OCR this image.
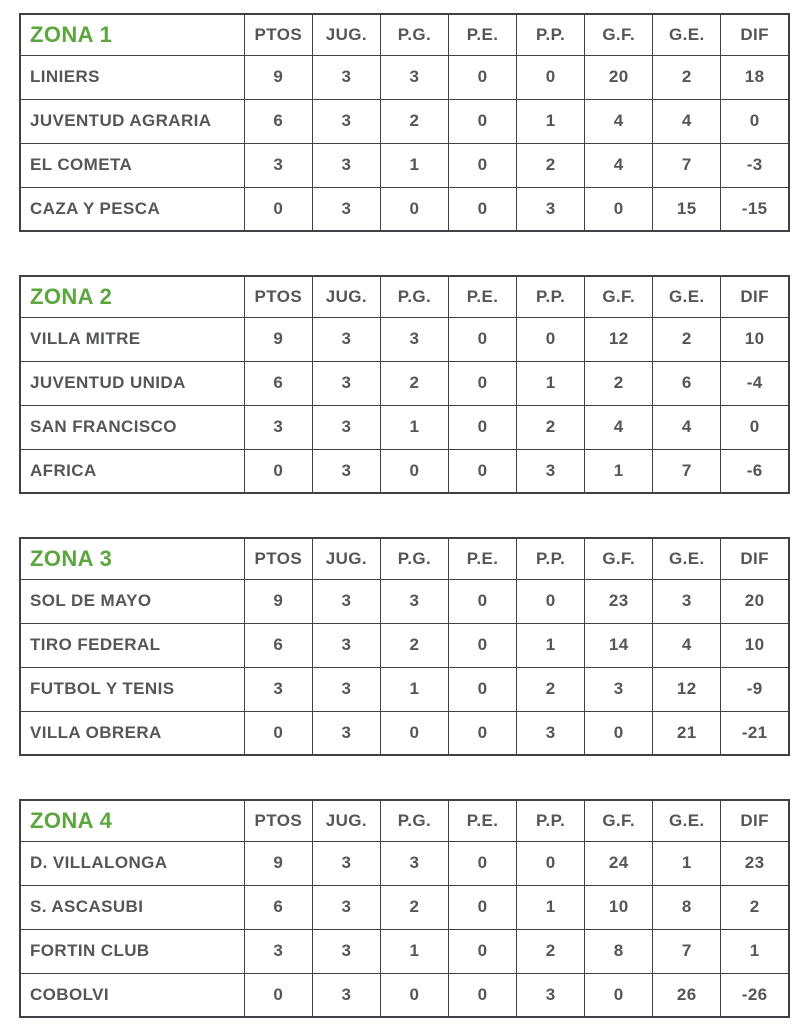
ZONA 1	PTOS	JUG.	P.G.	P.E.	P.P.	G.F.	G.E.	DIF
LINIERS	9	3	3	0	0	20	2	18
JUVENTUD AGRARIA	6	3	2	0	1	4	4	0
EL COMETA	3	3	1	0	2	4	7	-3
CAZA Y PESCA	0	3	0	0	3	0	15	-15
ZONA 2	PTOS	JUG.	P.G.	P.E.	P.P.	G.F.	G.E.	DIF
VILLA MITRE	9	3	3	0	0	12	2	10
JUVENTUD UNIDA	6	3	2	0	1	2	6	-4
SAN FRANCISCO	3	3	1	0	2	4	4	0
AFRICA	0	3	0	0	3	1	7	-6
ZONA 3	PTOS	JUG.	P.G.	P.E.	P.P.	G.F.	G.E.	DIF
SOL DE MAYO	9	3	3	0	0	23	3	20
TIRO FEDERAL	6	3	2	0	1	14	4	10
FUTBOL Y TENIS	3	3	1	0	2	3	12	-9
VILLA OBRERA	0	3	0	0	3	0	21	-21
ZONA 4	PTOS	JUG.	P.G.	P.E.	P.P.	G.F.	G.E.	DIF
D. VILLALONGA	9	3	3	0	0	24	1	23
S. ASCASUBI	6	3	2	0	1	10	8	2
FORTIN CLUB	3	3	1	0	2	8	7	1
COBOLVI	0	3	0	0	3	0	26	-26
